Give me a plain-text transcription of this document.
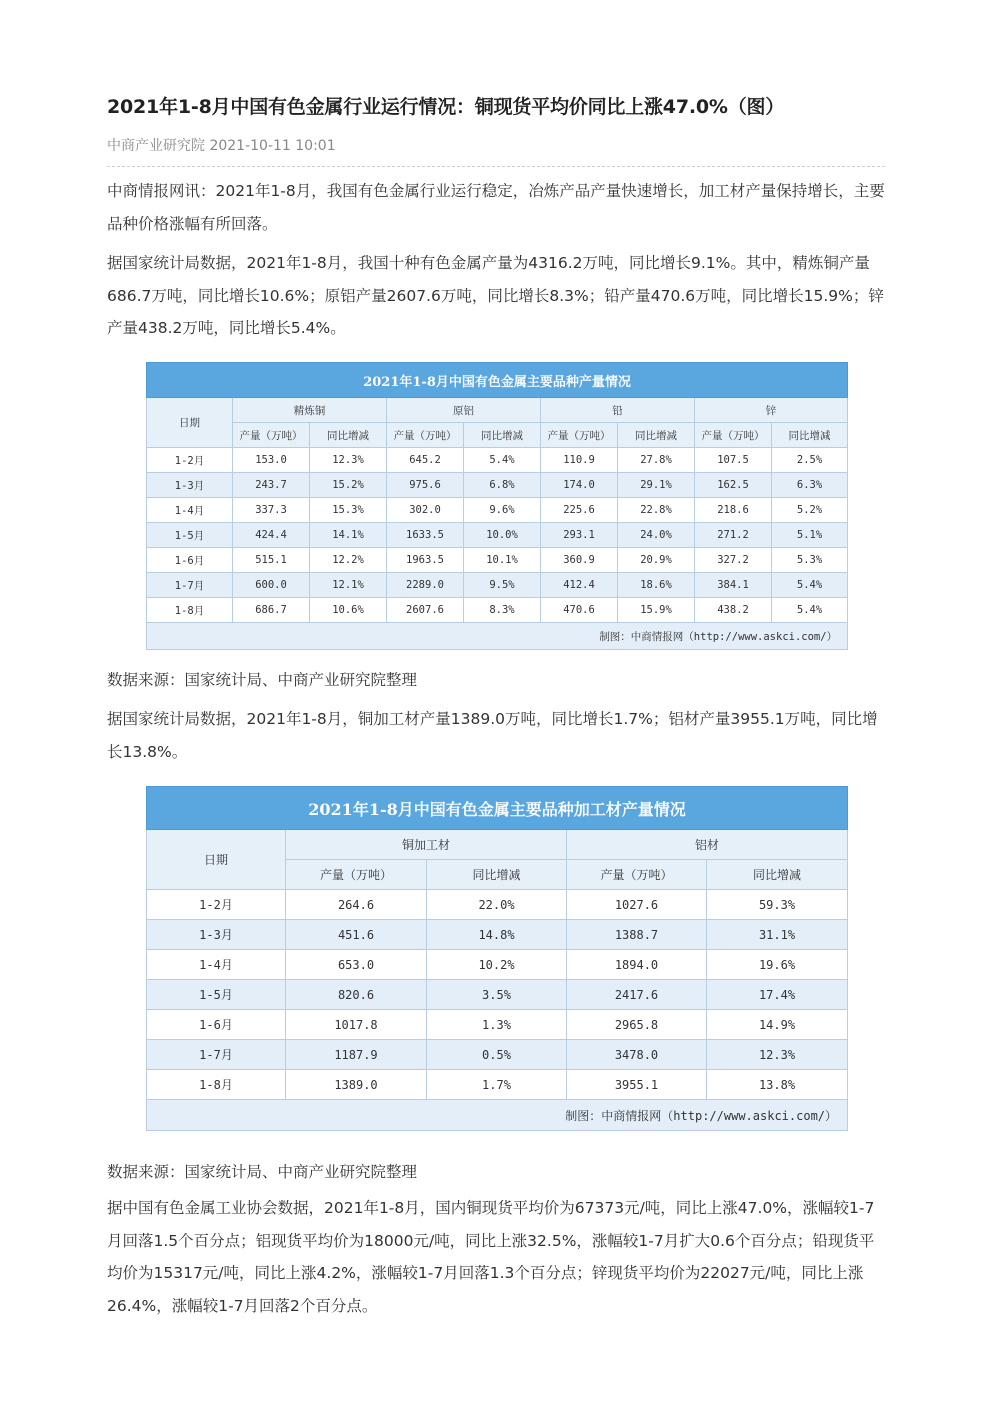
2021年1-8月中国有色金属行业运行情况：铜现货平均价同比上涨47.0%（图）
中商产业研究院 2021-10-11 10:01
中商情报网讯：2021年1-8月，我国有色金属行业运行稳定，冶炼产品产量快速增长，加工材产量保持增长，主要品种价格涨幅有所回落。
据国家统计局数据，2021年1-8月，我国十种有色金属产量为4316.2万吨，同比增长9.1%。其中，精炼铜产量686.7万吨，同比增长10.6%；原铝产量2607.6万吨，同比增长8.3%；铅产量470.6万吨，同比增长15.9%；锌产量438.2万吨，同比增长5.4%。
数据来源：国家统计局、中商产业研究院整理
据国家统计局数据，2021年1-8月，铜加工材产量1389.0万吨，同比增长1.7%；铝材产量3955.1万吨，同比增长13.8%。
数据来源：国家统计局、中商产业研究院整理
据中国有色金属工业协会数据，2021年1-8月，国内铜现货平均价为67373元/吨，同比上涨47.0%，涨幅较1-7月回落1.5个百分点；铝现货平均价为18000元/吨，同比上涨32.5%，涨幅较1-7月扩大0.6个百分点；铅现货平均价为15317元/吨，同比上涨4.2%，涨幅较1-7月回落1.3个百分点；锌现货平均价为22027元/吨，同比上涨26.4%，涨幅较1-7月回落2个百分点。
2021年1-8月中国有色金属主要品种产量情况								
日期	精炼铜		原铝		铅		锌	
	产量（万吨）	同比增减	产量（万吨）	同比增减	产量（万吨）	同比增减	产量（万吨）	同比增减
1-2月	153.0	12.3%	645.2	5.4%	110.9	27.8%	107.5	2.5%
1-3月	243.7	15.2%	975.6	6.8%	174.0	29.1%	162.5	6.3%
1-4月	337.3	15.3%	302.0	9.6%	225.6	22.8%	218.6	5.2%
1-5月	424.4	14.1%	1633.5	10.0%	293.1	24.0%	271.2	5.1%
1-6月	515.1	12.2%	1963.5	10.1%	360.9	20.9%	327.2	5.3%
1-7月	600.0	12.1%	2289.0	9.5%	412.4	18.6%	384.1	5.4%
1-8月	686.7	10.6%	2607.6	8.3%	470.6	15.9%	438.2	5.4%
制图：中商情报网（http://www.askci.com/）								
2021年1-8月中国有色金属主要品种加工材产量情况				
日期	铜加工材		铝材	
	产量（万吨）	同比增减	产量（万吨）	同比增减
1-2月	264.6	22.0%	1027.6	59.3%
1-3月	451.6	14.8%	1388.7	31.1%
1-4月	653.0	10.2%	1894.0	19.6%
1-5月	820.6	3.5%	2417.6	17.4%
1-6月	1017.8	1.3%	2965.8	14.9%
1-7月	1187.9	0.5%	3478.0	12.3%
1-8月	1389.0	1.7%	3955.1	13.8%
制图：中商情报网（http://www.askci.com/）				
